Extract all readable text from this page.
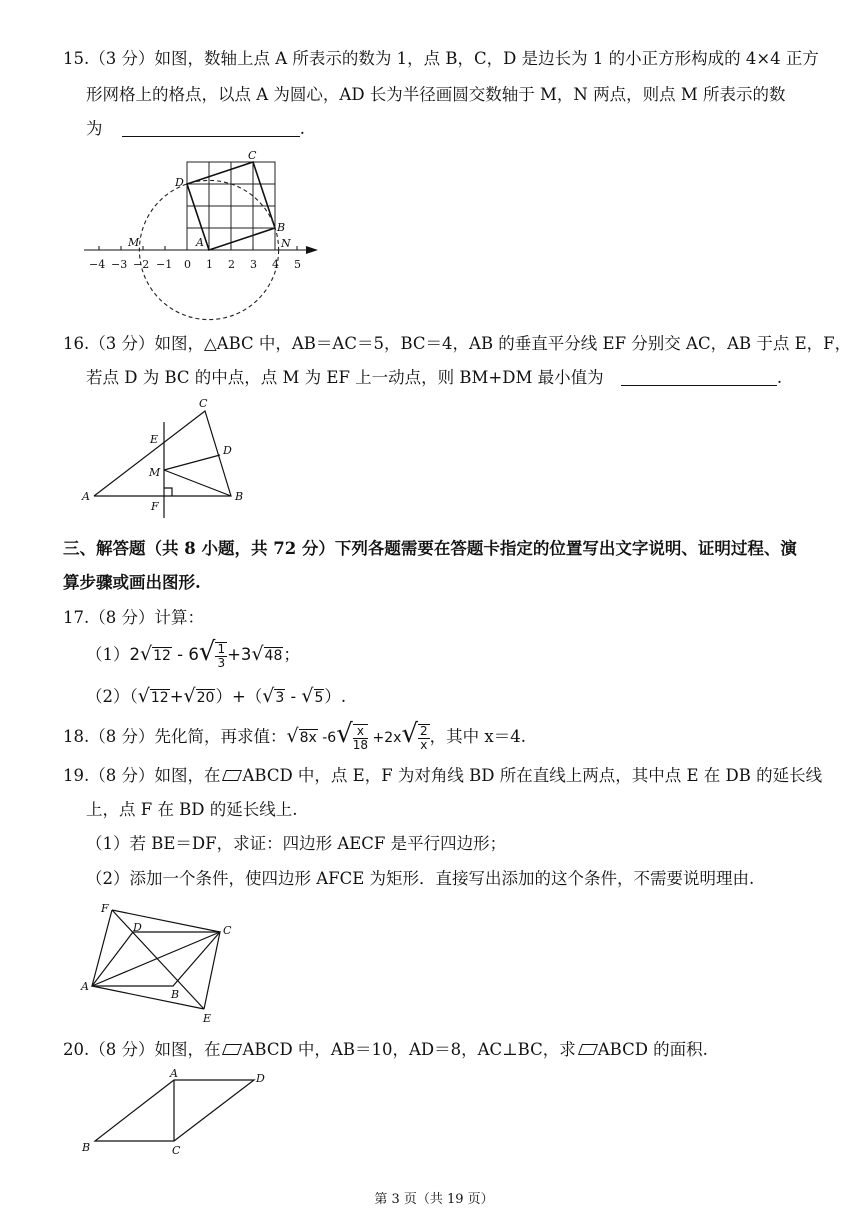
15.（3 分）如图，数轴上点 A 所表示的数为 1，点 B，C，D 是边长为 1 的小正方形构成的 4×4 正方
形网格上的格点，以点 A 为圆心，AD 长为半径画圆交数轴于 M，N 两点，则点 M 所表示的数
为	.
−4 −3 −2 −1 0 1 2 3 4 5
C
D
B
A
M	N
16.（3 分）如图，△ABC 中，AB＝AC＝5，BC＝4，AB 的垂直平分线 EF 分别交 AC，AB 于点 E，F，
若点 D 为 BC 的中点，点 M 为 EF 上一动点，则 BM+DM 最小值为	.
C
E
D
M
A	B
F
三、解答题（共 8 小题，共 72 分）下列各题需要在答题卡指定的位置写出文字说明、证明过程、演
算步骤或画出图形.
17.（8 分）计算：
$(1)2√12 - 6√ \frac{1}{3} +3√48$；
（2）（√12+√20）+（√3 - √5）.
18.（8 分）先化简，再求值：√8x $-6√ \frac{x}{18} +2x√ \frac{2}{x}$ ，其中 x＝4.
19.（8 分）如图，在 ABCD 中，点 E，F 为对角线 BD 所在直线上两点，其中点 E 在 DB 的延长线
上，点 F 在 BD 的延长线上.
（1）若 BE＝DF，求证：四边形 AECF 是平行四边形；
（2）添加一个条件，使四边形 AFCE 为矩形．直接写出添加的这个条件，不需要说明理由.
F
D	C
A
B
E
20.（8 分）如图，在 ABCD 中，AB＝10，AD＝8，AC⊥BC，求 ABCD 的面积.
A	D
B	C
第 3 页（共 19 页）
